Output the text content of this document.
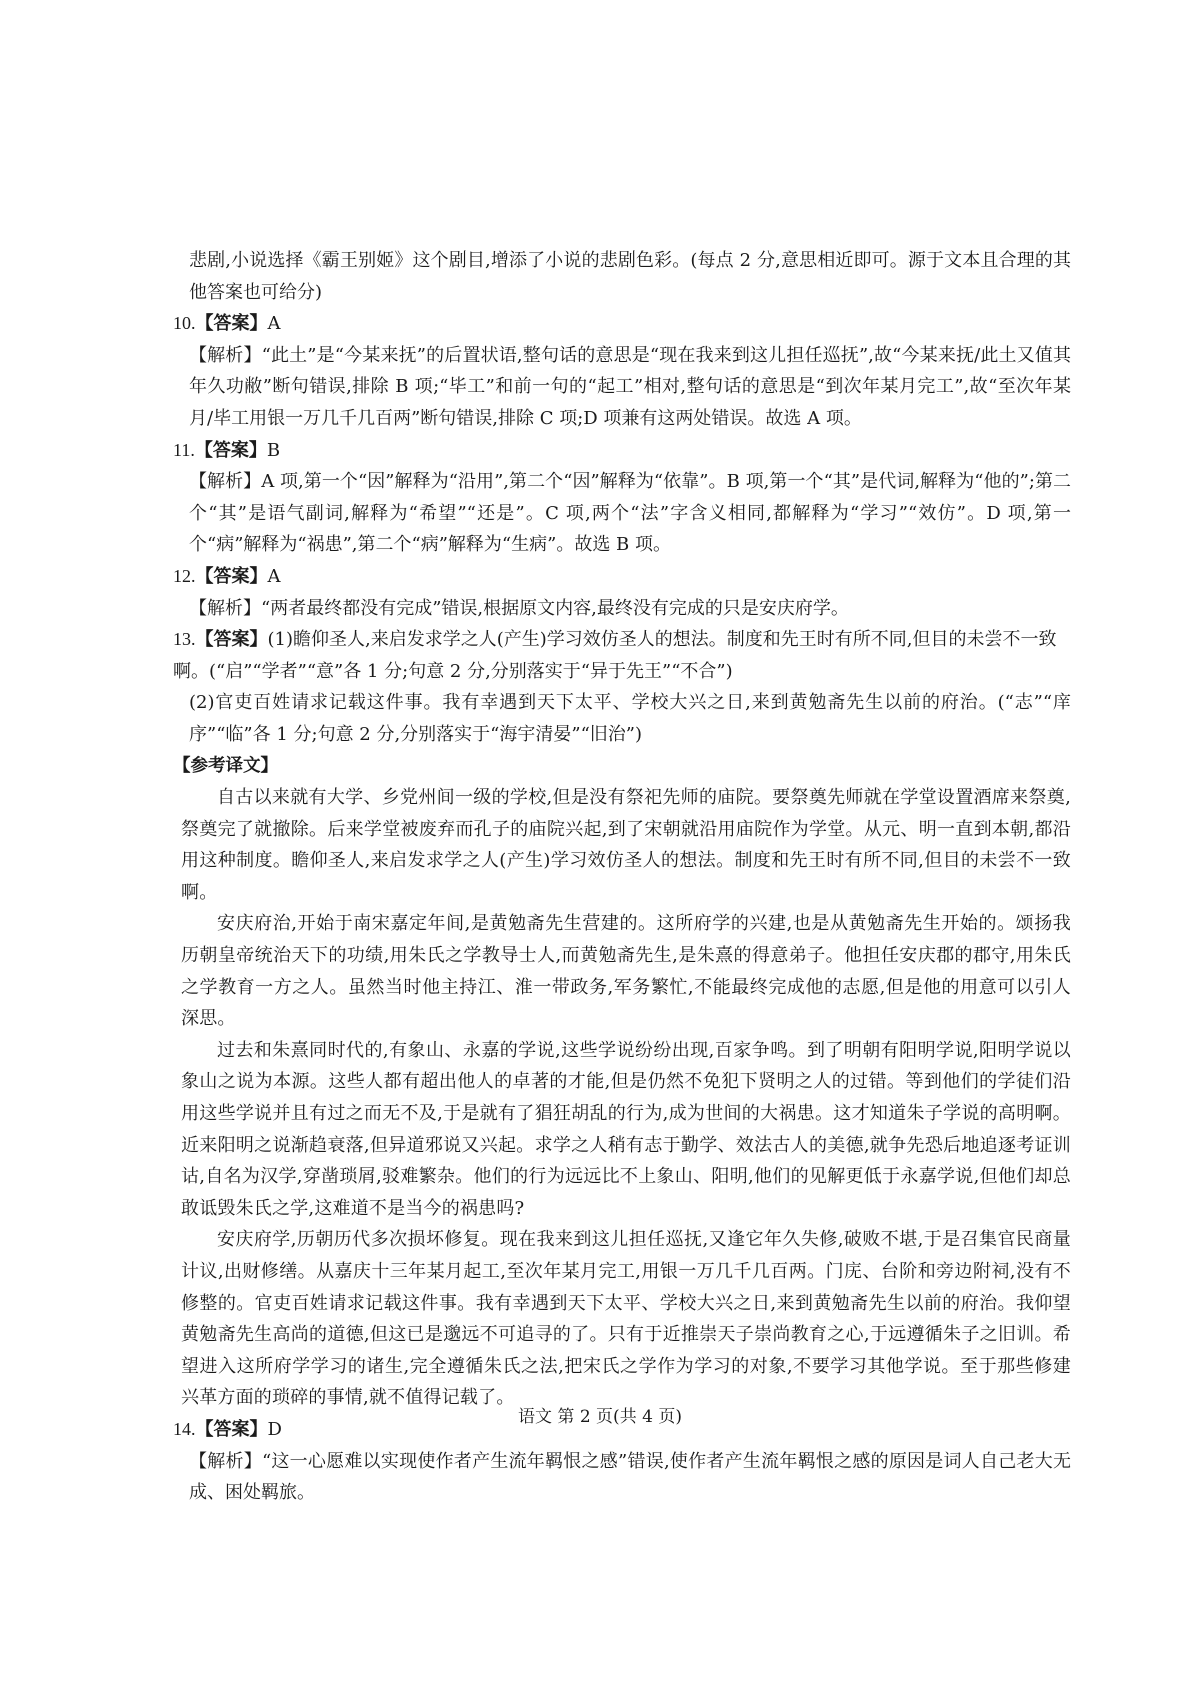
悲剧,小说选择《霸王别姬》这个剧目,增添了小说的悲剧色彩。(每点 2 分,意思相近即可。源于文本且合理的其他答案也可给分)

10.【答案】A

【解析】“此土”是“今某来抚”的后置状语,整句话的意思是“现在我来到这儿担任巡抚”,故“今某来抚/此土又值其年久功敝”断句错误,排除 B 项;“毕工”和前一句的“起工”相对,整句话的意思是“到次年某月完工”,故“至次年某月/毕工用银一万几千几百两”断句错误,排除 C 项;D 项兼有这两处错误。故选 A 项。

11.【答案】B

【解析】A 项,第一个“因”解释为“沿用”,第二个“因”解释为“依靠”。B 项,第一个“其”是代词,解释为“他的”;第二个“其”是语气副词,解释为“希望”“还是”。C 项,两个“法”字含义相同,都解释为“学习”“效仿”。D 项,第一个“病”解释为“祸患”,第二个“病”解释为“生病”。故选 B 项。

12.【答案】A

【解析】“两者最终都没有完成”错误,根据原文内容,最终没有完成的只是安庆府学。

13.【答案】(1)瞻仰圣人,来启发求学之人(产生)学习效仿圣人的想法。制度和先王时有所不同,但目的未尝不一致啊。(“启”“学者”“意”各 1 分;句意 2 分,分别落实于“异于先王”“不合”)

(2)官吏百姓请求记载这件事。我有幸遇到天下太平、学校大兴之日,来到黄勉斋先生以前的府治。(“志”“庠序”“临”各 1 分;句意 2 分,分别落实于“海宇清晏”“旧治”)

【参考译文】

自古以来就有大学、乡党州间一级的学校,但是没有祭祀先师的庙院。要祭奠先师就在学堂设置酒席来祭奠,祭奠完了就撤除。后来学堂被废弃而孔子的庙院兴起,到了宋朝就沿用庙院作为学堂。从元、明一直到本朝,都沿用这种制度。瞻仰圣人,来启发求学之人(产生)学习效仿圣人的想法。制度和先王时有所不同,但目的未尝不一致啊。

安庆府治,开始于南宋嘉定年间,是黄勉斋先生营建的。这所府学的兴建,也是从黄勉斋先生开始的。颂扬我历朝皇帝统治天下的功绩,用朱氏之学教导士人,而黄勉斋先生,是朱熹的得意弟子。他担任安庆郡的郡守,用朱氏之学教育一方之人。虽然当时他主持江、淮一带政务,军务繁忙,不能最终完成他的志愿,但是他的用意可以引人深思。

过去和朱熹同时代的,有象山、永嘉的学说,这些学说纷纷出现,百家争鸣。到了明朝有阳明学说,阳明学说以象山之说为本源。这些人都有超出他人的卓著的才能,但是仍然不免犯下贤明之人的过错。等到他们的学徒们沿用这些学说并且有过之而无不及,于是就有了猖狂胡乱的行为,成为世间的大祸患。这才知道朱子学说的高明啊。近来阳明之说渐趋衰落,但异道邪说又兴起。求学之人稍有志于勤学、效法古人的美德,就争先恐后地追逐考证训诂,自名为汉学,穿凿琐屑,驳难繁杂。他们的行为远远比不上象山、阳明,他们的见解更低于永嘉学说,但他们却总敢诋毁朱氏之学,这难道不是当今的祸患吗?

安庆府学,历朝历代多次损坏修复。现在我来到这儿担任巡抚,又逢它年久失修,破败不堪,于是召集官民商量计议,出财修缮。从嘉庆十三年某月起工,至次年某月完工,用银一万几千几百两。门庑、台阶和旁边附祠,没有不修整的。官吏百姓请求记载这件事。我有幸遇到天下太平、学校大兴之日,来到黄勉斋先生以前的府治。我仰望黄勉斋先生高尚的道德,但这已是邈远不可追寻的了。只有于近推崇天子崇尚教育之心,于远遵循朱子之旧训。希望进入这所府学学习的诸生,完全遵循朱氏之法,把宋氏之学作为学习的对象,不要学习其他学说。至于那些修建兴革方面的琐碎的事情,就不值得记载了。

14.【答案】D

【解析】“这一心愿难以实现使作者产生流年羁恨之感”错误,使作者产生流年羁恨之感的原因是词人自己老大无成、困处羁旅。

语文 第 2 页(共 4 页)
